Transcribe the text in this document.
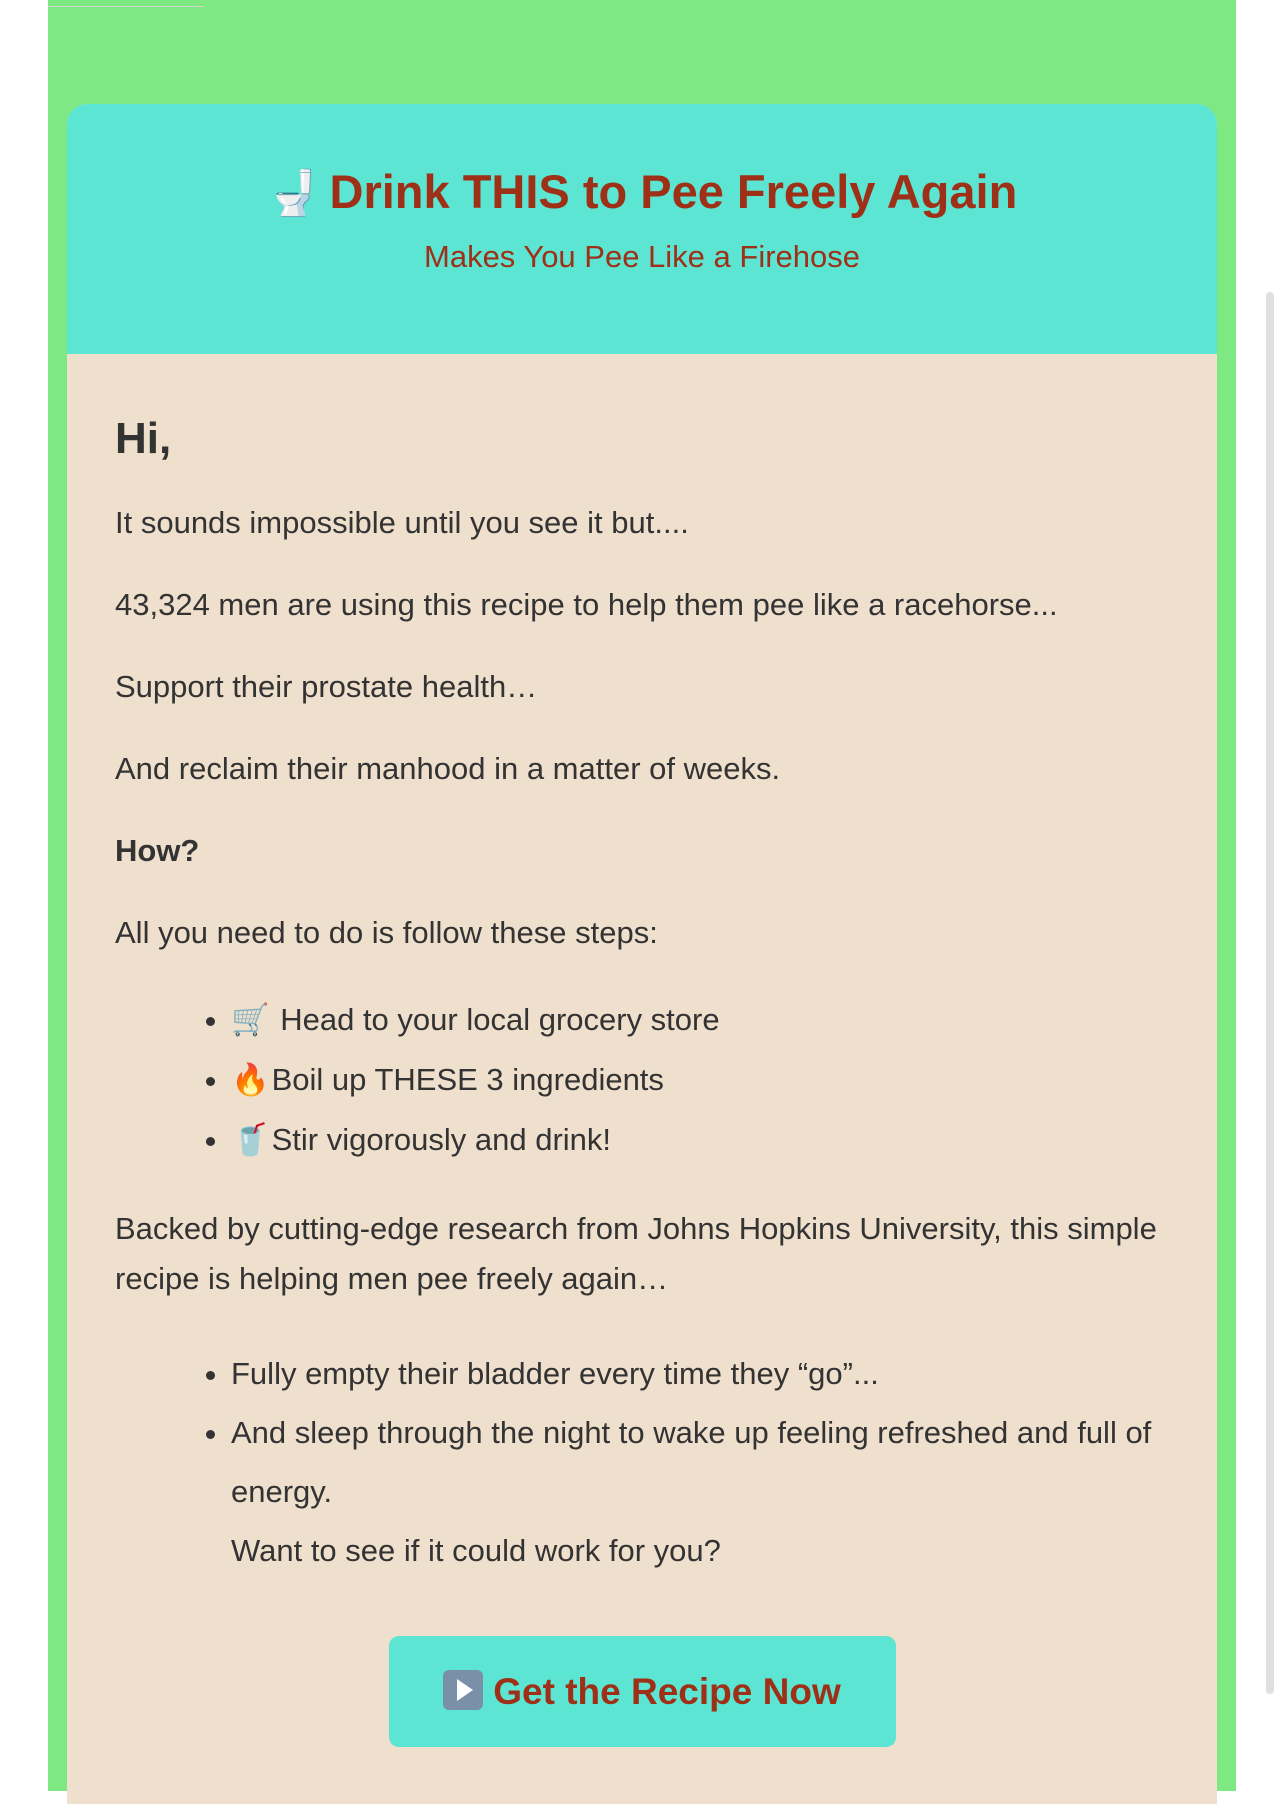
🚽 Drink THIS to Pee Freely Again

Makes You Pee Like a Firehose

Hi,

It sounds impossible until you see it but....

43,324 men are using this recipe to help them pee like a racehorse...

Support their prostate health…

And reclaim their manhood in a matter of weeks.

How?

All you need to do is follow these steps:

• 🛒 Head to your local grocery store
• 🔥Boil up THESE 3 ingredients
• 🥤Stir vigorously and drink!

Backed by cutting-edge research from Johns Hopkins University, this simple recipe is helping men pee freely again…

• Fully empty their bladder every time they “go”...
• And sleep through the night to wake up feeling refreshed and full of energy.

Want to see if it could work for you?

Get the Recipe Now
